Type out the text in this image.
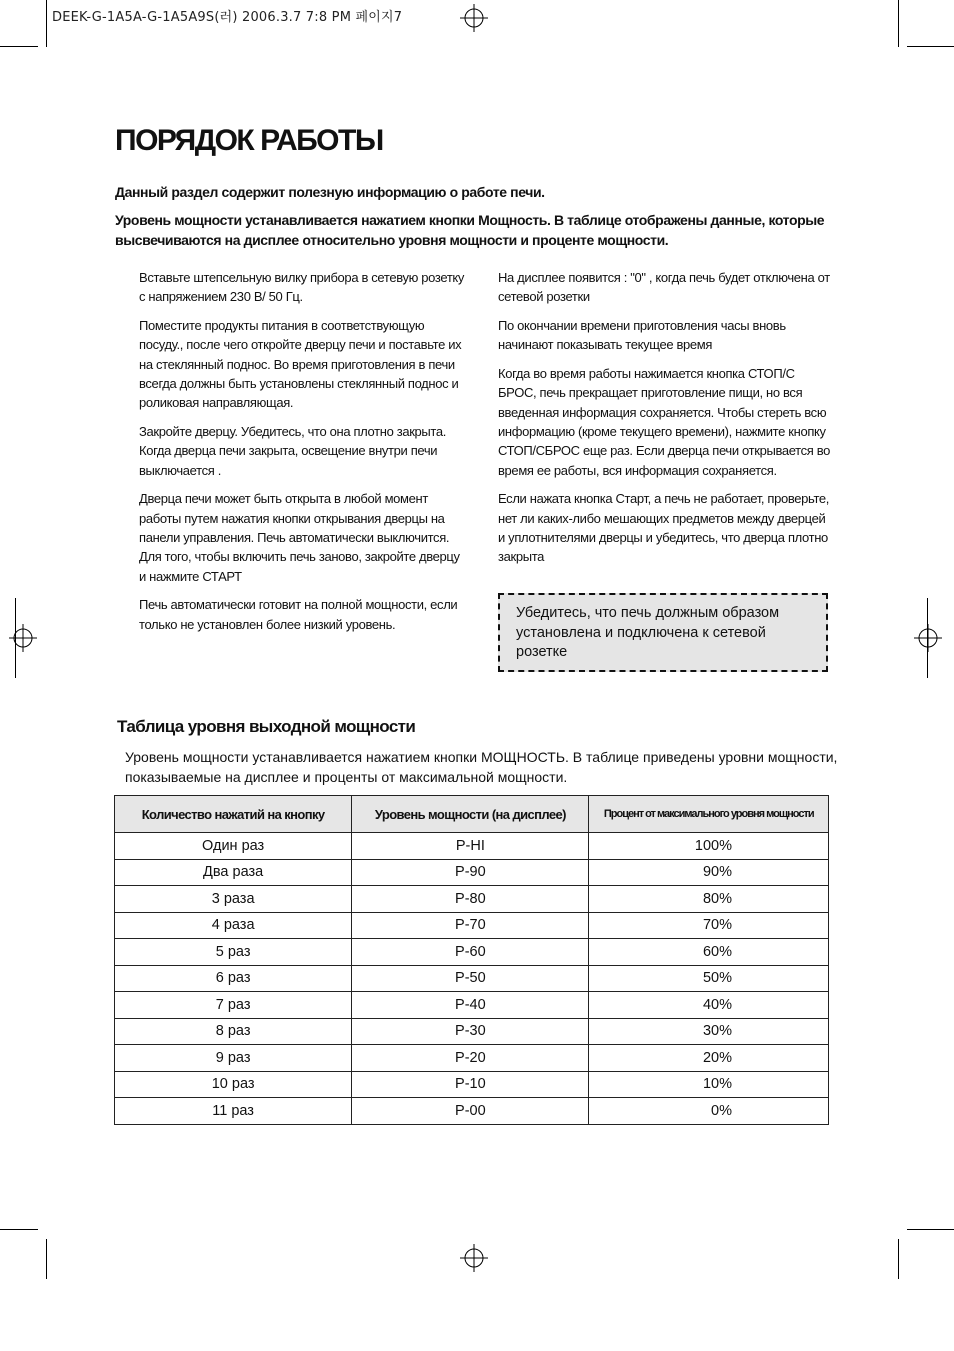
DEEK-G-1A5A-G-1A5A9S(러) 2006.3.7 7:8 PM 페이지7
ПОРЯДОК РАБОТЫ
Данный раздел содержит полезную информацию о работе печи.
Уровень мощности устанавливается нажатием кнопки Мощность. В таблице отображены данные, которые высвечиваются на дисплее относительно уровня мощности и проценте мощности.

Вставьте штепсельную вилку прибора в сетевую розетку с напряжением 230 В/ 50 Гц.

Поместите продукты питания в соответствующую посуду., после чего откройте дверцу печи и поставьте их на стеклянный поднос. Во время приготовления в печи всегда должны быть установлены стеклянный поднос и роликовая направляющая.

Закройте дверцу. Убедитесь, что она плотно закрыта. Когда дверца печи закрыта, освещение внутри печи выключается .

Дверца печи может быть открыта в любой момент работы путем нажатия кнопки открывания дверцы на панели управления. Печь автоматически выключится. Для того, чтобы включить печь заново, закройте дверцу и нажмите СТАРТ

Печь автоматически готовит на полной мощности, если только не установлен более низкий уровень.

На дисплее появится : "0" , когда печь будет отключена от сетевой розетки

По окончании времени приготовления часы вновь начинают показывать текущее время

Когда во время работы нажимается кнопка СТОП/С БРОС, печь прекращает приготовление пищи, но вся введенная информация сохраняется. Чтобы стереть всю информацию (кроме текущего времени), нажмите кнопку СТОП/СБРОС еще раз. Если дверца печи открывается во время ее работы, вся информация сохраняется.

Если нажата кнопка Старт, а печь не работает, проверьте, нет ли каких-либо мешающих предметов между дверцей и уплотнителями дверцы и убедитесь, что дверца плотно закрыта

Убедитесь, что печь должным образом установлена и подключена к сетевой розетке
Таблица уровня выходной мощности
Уровень мощности устанавливается нажатием кнопки МОЩНОСТЬ. В таблице приведены уровни мощности, показываемые на дисплее и проценты от максимальной мощности.
Количество нажатий на кнопку	Уровень мощности (на дисплее)	Процент от максимального уровня мощности
Один раз	P-HI	100%
Два раза	P-90	90%
3 раза	P-80	80%
4 раза	P-70	70%
5 раз	P-60	60%
6 раз	P-50	50%
7 раз	P-40	40%
8 раз	P-30	30%
9 раз	P-20	20%
10 раз	P-10	10%
11 раз	P-00	0%
